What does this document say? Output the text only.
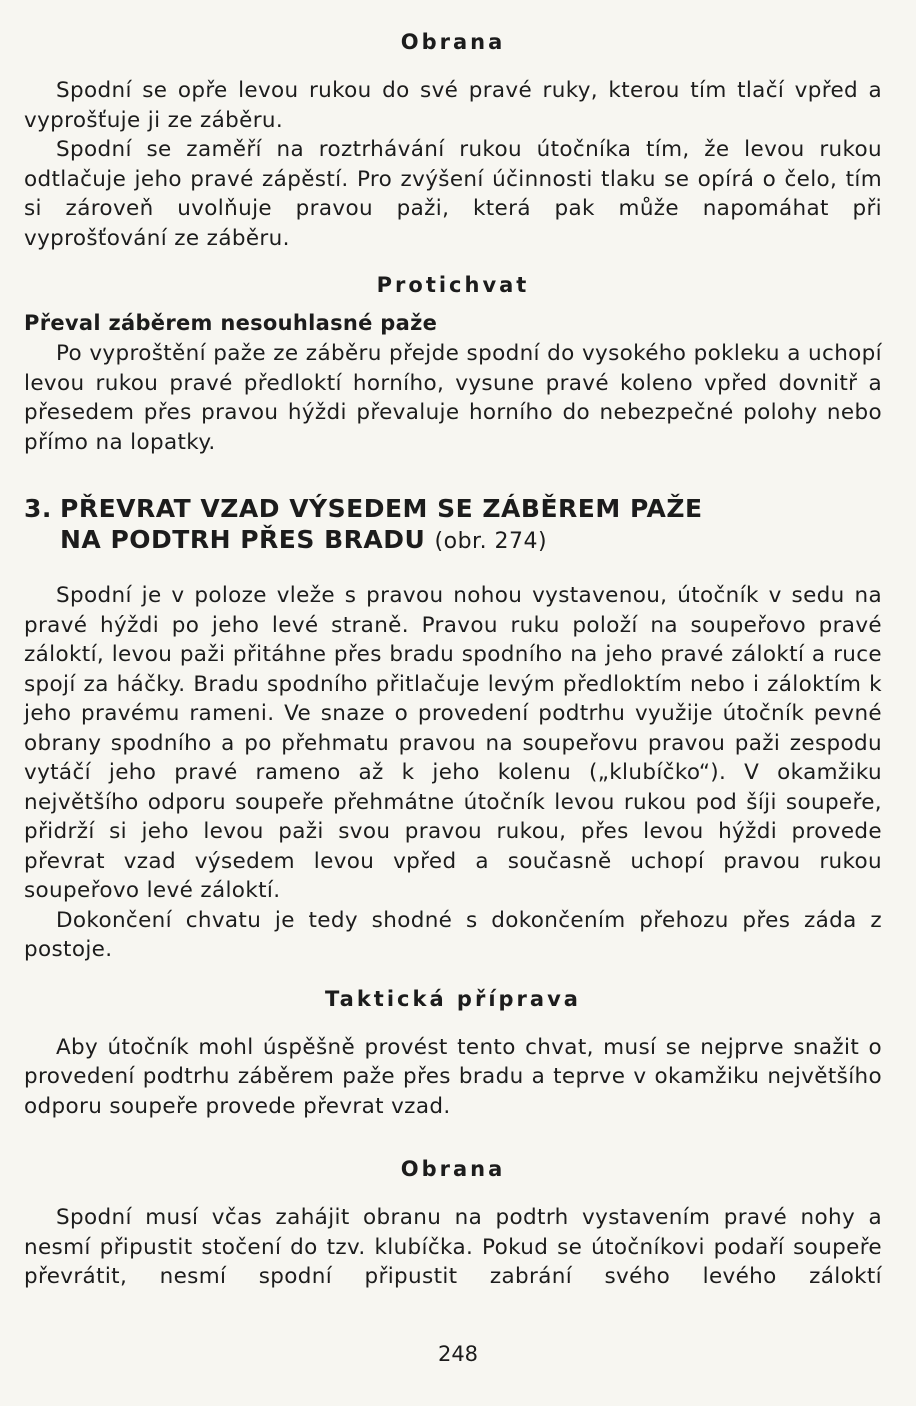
Obrana

Spodní se opře levou rukou do své pravé ruky, kterou tím tlačí vpřed a vyprošťuje ji ze záběru.

Spodní se zaměří na roztrhávání rukou útočníka tím, že levou rukou odtlačuje jeho pravé zápěstí. Pro zvýšení účinnosti tlaku se opírá o čelo, tím si zároveň uvolňuje pravou paži, která pak může napomáhat při vyprošťování ze záběru.

Protichvat
Převal záběrem nesouhlasné paže

Po vyproštění paže ze záběru přejde spodní do vysokého pokleku a uchopí levou rukou pravé předloktí horního, vysune pravé koleno vpřed dovnitř a přesedem přes pravou hýždi převaluje horního do nebezpečné polohy nebo přímo na lopatky.

3. PŘEVRAT VZAD VÝSEDEM SE ZÁBĚREM PAŽE
NA PODTRH PŘES BRADU (obr. 274)

Spodní je v poloze vleže s pravou nohou vystavenou, útočník v sedu na pravé hýždi po jeho levé straně. Pravou ruku položí na soupeřovo pravé záloktí, levou paži přitáhne přes bradu spodního na jeho pravé záloktí a ruce spojí za háčky. Bradu spodního přitlačuje levým předloktím nebo i záloktím k jeho pravému rameni. Ve snaze o provedení podtrhu využije útočník pevné obrany spodního a po přehmatu pravou na soupeřovu pravou paži zespodu vytáčí jeho pravé rameno až k jeho kolenu („klubíčko“). V okamžiku největšího odporu soupeře přehmátne útočník levou rukou pod šíji soupeře, přidrží si jeho levou paži svou pravou rukou, přes levou hýždi provede převrat vzad výsedem levou vpřed a současně uchopí pravou rukou soupeřovo levé záloktí.

Dokončení chvatu je tedy shodné s dokončením přehozu přes záda z postoje.

Taktická příprava

Aby útočník mohl úspěšně provést tento chvat, musí se nejprve snažit o provedení podtrhu záběrem paže přes bradu a teprve v okamžiku největšího odporu soupeře provede převrat vzad.

Obrana

Spodní musí včas zahájit obranu na podtrh vystavením pravé nohy a nesmí připustit stočení do tzv. klubíčka. Pokud se útočníkovi podaří soupeře převrátit, nesmí spodní připustit zabrání svého levého záloktí

248
